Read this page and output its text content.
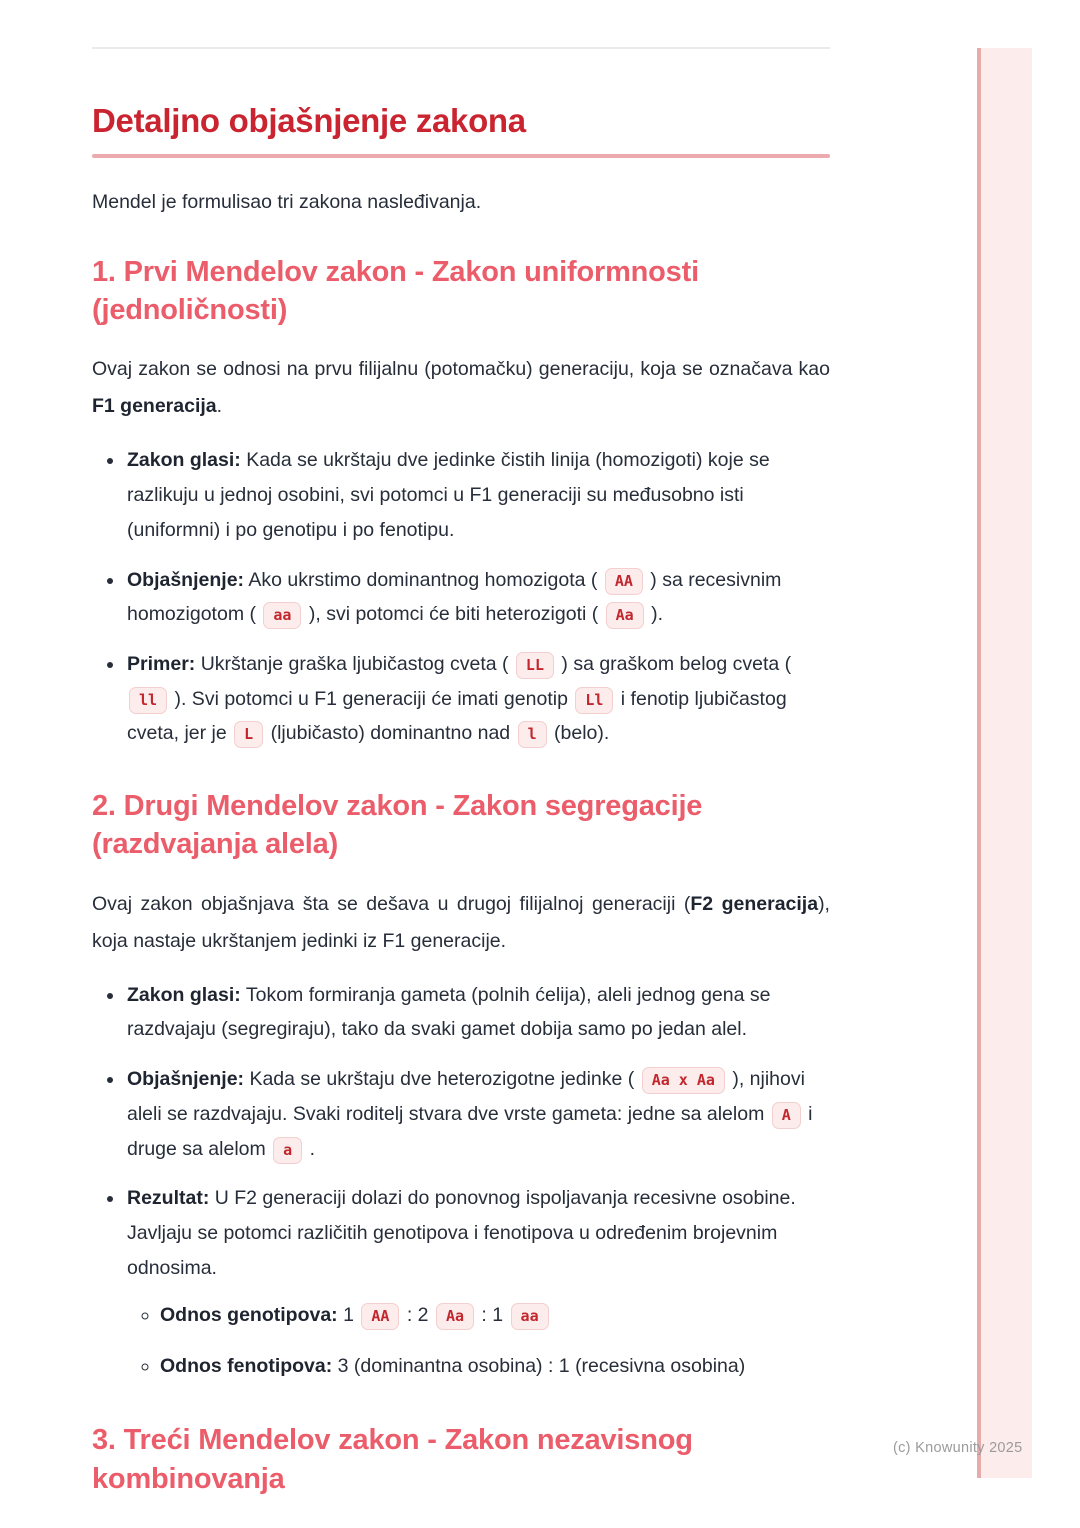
Detaljno objašnjenje zakona

Mendel je formulisao tri zakona nasleđivanja.

1. Prvi Mendelov zakon - Zakon uniformnosti (jednoličnosti)

Ovaj zakon se odnosi na prvu filijalnu (potomačku) generaciju, koja se označava kao F1 generacija.

• Zakon glasi: Kada se ukrštaju dve jedinke čistih linija (homozigoti) koje se razlikuju u jednoj osobini, svi potomci u F1 generaciji su međusobno isti (uniformni) i po genotipu i po fenotipu.
• Objašnjenje: Ako ukrstimo dominantnog homozigota ( AA ) sa recesivnim homozigotom ( aa ), svi potomci će biti heterozigoti ( Aa ).
• Primer: Ukrštanje graška ljubičastog cveta ( LL ) sa graškom belog cveta ( ll ). Svi potomci u F1 generaciji će imati genotip Ll i fenotip ljubičastog cveta, jer je L (ljubičasto) dominantno nad l (belo).
2. Drugi Mendelov zakon - Zakon segregacije (razdvajanja alela)

Ovaj zakon objašnjava šta se dešava u drugoj filijalnoj generaciji (F2 generacija), koja nastaje ukrštanjem jedinki iz F1 generacije.

• Zakon glasi: Tokom formiranja gameta (polnih ćelija), aleli jednog gena se razdvajaju (segregiraju), tako da svaki gamet dobija samo po jedan alel.
• Objašnjenje: Kada se ukrštaju dve heterozigotne jedinke ( Aa x Aa ), njihovi aleli se razdvajaju. Svaki roditelj stvara dve vrste gameta: jedne sa alelom A i druge sa alelom a .
• Rezultat: U F2 generaciji dolazi do ponovnog ispoljavanja recesivne osobine. Javljaju se potomci različitih genotipova i fenotipova u određenim brojevnim odnosima.
◦ Odnos genotipova: 1 AA : 2 Aa : 1 aa
◦ Odnos fenotipova: 3 (dominantna osobina) : 1 (recesivna osobina)
3. Treći Mendelov zakon - Zakon nezavisnog kombinovanja
(c) Knowunity 2025
